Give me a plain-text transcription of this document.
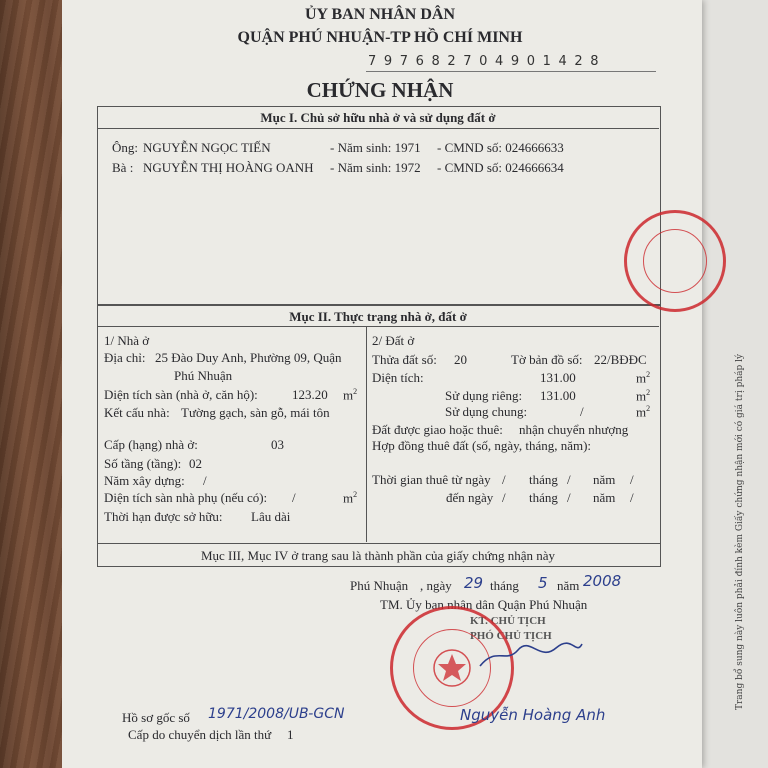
Trang bổ sung này luôn phải đính kèm Giấy chứng nhận mới có giá trị pháp lý
ỦY BAN NHÂN DÂN
QUẬN PHÚ NHUẬN-TP HỒ CHÍ MINH
797682704901428
CHỨNG NHẬN
Mục I. Chủ sở hữu nhà ở và sử dụng đất ở
Ông: NGUYỄN NGỌC TIẾN	- Năm sinh: 1971 - CMND số: 024666633
Bà : NGUYỄN THỊ HOÀNG OANH - Năm sinh: 1972 - CMND số: 024666634
Mục II. Thực trạng nhà ở, đất ở
1/ Nhà ở
Địa chỉ: 25 Đào Duy Anh, Phường 09, Quận
Phú Nhuận
Diện tích sàn (nhà ở, căn hộ):	123.20 $m^2$
Kết cấu nhà: Tường gạch, sàn gỗ, mái tôn
Cấp (hạng) nhà ở:	03
Số tầng (tầng): 02
Năm xây dựng: /
Diện tích sàn nhà phụ (nếu có): /	$m^2$
Thời hạn được sở hữu: Lâu dài
2/ Đất ở
Thửa đất số: 20	Tờ bản đồ số: 22/BĐĐC
Diện tích:	131.00	$m^2$
Sử dụng riêng: 131.00	$m^2$
Sử dụng chung:	/	$m^2$
Đất được giao hoặc thuê: nhận chuyển nhượng
Hợp đồng thuê đất (số, ngày, tháng, năm):
Thời gian thuê từ ngày / tháng / năm /
đến ngày / tháng / năm /
Mục III, Mục IV ở trang sau là thành phần của giấy chứng nhận này
Phú Nhuận , ngày 29 tháng 5 năm 2008
TM. Ủy ban nhân dân Quận Phú Nhuận
KT. CHỦ TỊCH
PHÓ CHỦ TỊCH
Nguyễn Hoàng Anh
Hồ sơ gốc số 1971/2008/UB-GCN
Cấp do chuyển dịch lần thứ 1
